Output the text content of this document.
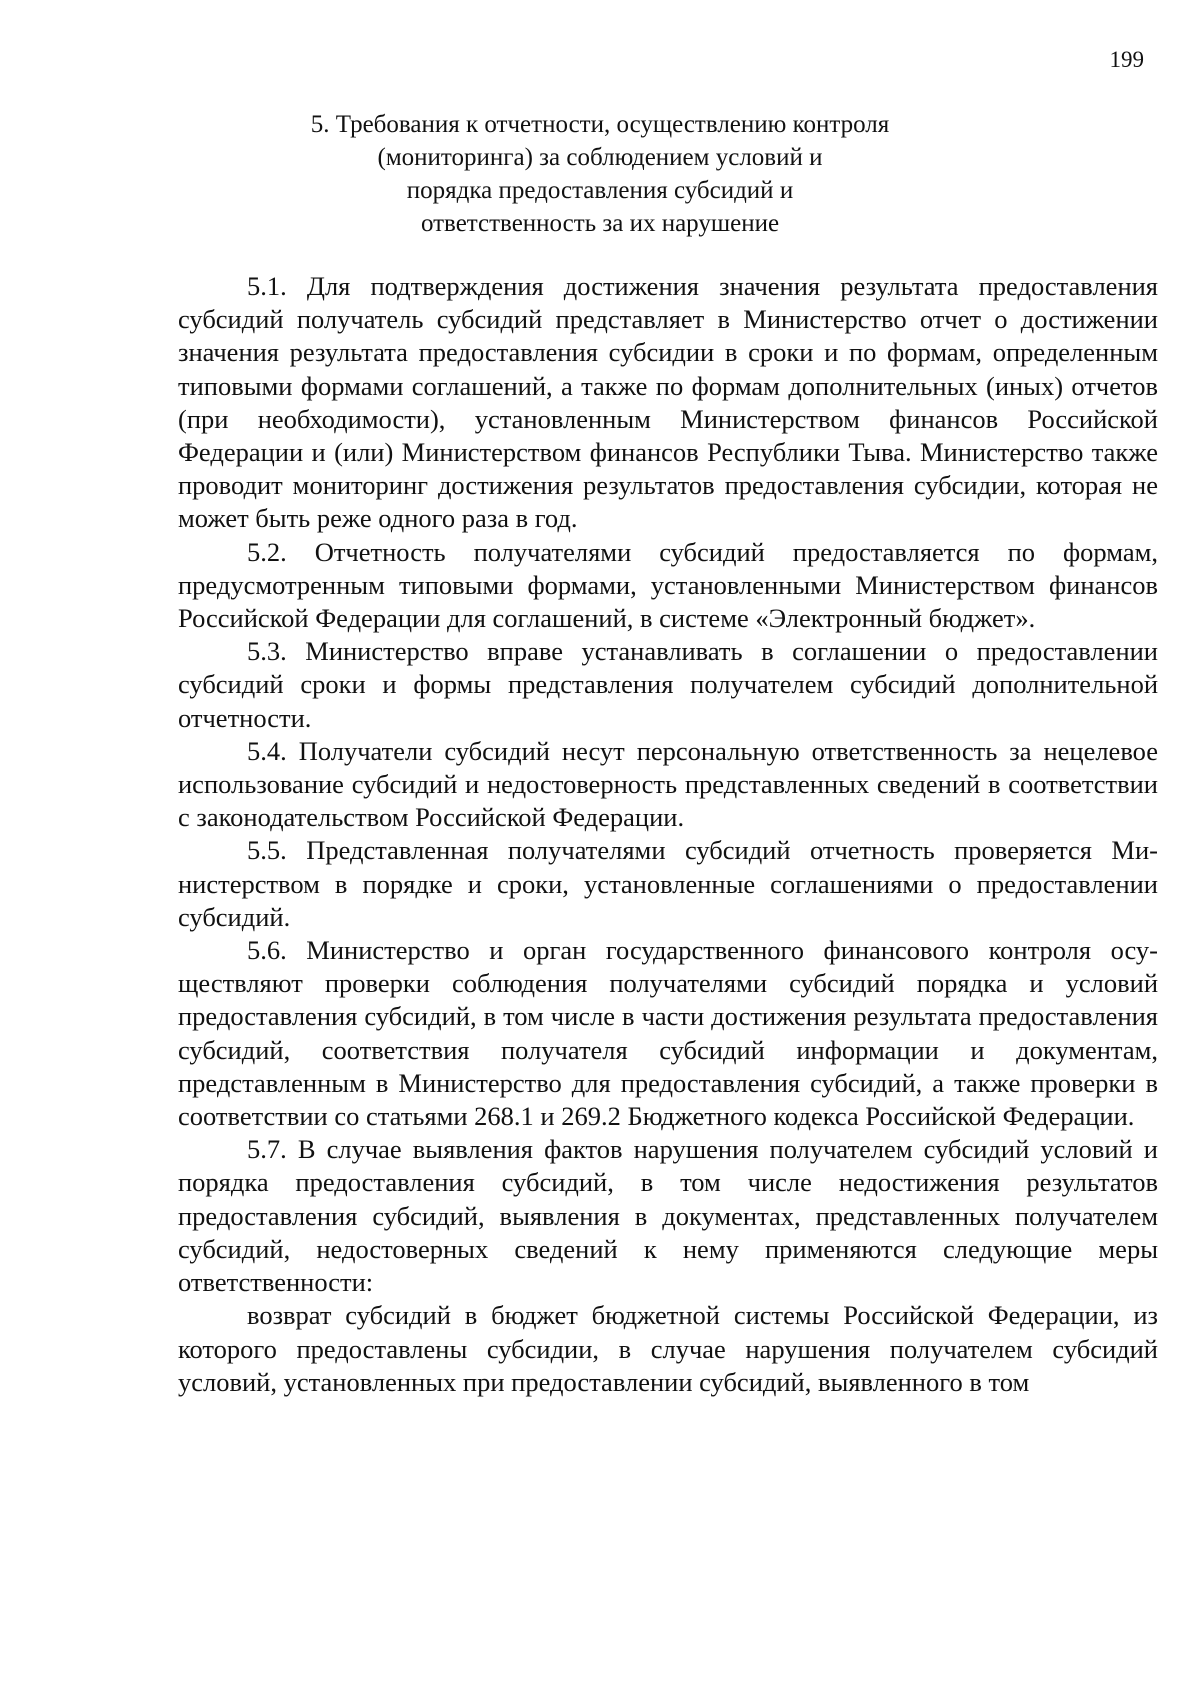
199
5. Требования к отчетности, осуществлению контроля
(мониторинга) за соблюдением условий и
порядка предоставления субсидий и
ответственность за их нарушение

5.1. Для подтверждения достижения значения результата предоставления субсидий получатель субсидий представляет в Министерство отчет о достижении значения результата предоставления субсидии в сроки и по формам, определенным типовыми формами соглашений, а также по формам дополнительных (иных) отчетов (при необходимости), установленным Министерством финансов Российской Федерации и (или) Министерством финансов Республики Тыва. Министерство также проводит мониторинг достижения результатов предоставления субсидии, которая не может быть реже одного раза в год.

5.2. Отчетность получателями субсидий предоставляется по формам, предусмотренным типовыми формами, установленными Министерством финансов Российской Федерации для соглашений, в системе «Электронный бюджет».

5.3. Министерство вправе устанавливать в соглашении о предоставлении субсидий сроки и формы представления получателем субсидий дополнительной отчетности.

5.4. Получатели субсидий несут персональную ответственность за нецелевое использование субсидий и недостоверность представленных сведений в соответствии с законодательством Российской Федерации.

5.5. Представленная получателями субсидий отчетность проверяется Министерством в порядке и сроки, установленные соглашениями о предоставлении субсидий.

5.6. Министерство и орган государственного финансового контроля осуществляют проверки соблюдения получателями субсидий порядка и условий предоставления субсидий, в том числе в части достижения результата предоставления субсидий, соответствия получателя субсидий информации и документам, представленным в Министерство для предоставления субсидий, а также проверки в соответствии со статьями 268.1 и 269.2 Бюджетного кодекса Российской Федерации.

5.7. В случае выявления фактов нарушения получателем субсидий условий и порядка предоставления субсидий, в том числе недостижения результатов предоставления субсидий, выявления в документах, представленных получателем субсидий, недостоверных сведений к нему применяются следующие меры ответственности:

возврат субсидий в бюджет бюджетной системы Российской Федерации, из которого предоставлены субсидии, в случае нарушения получателем субсидий условий, установленных при предоставлении субсидий, выявленного в том
